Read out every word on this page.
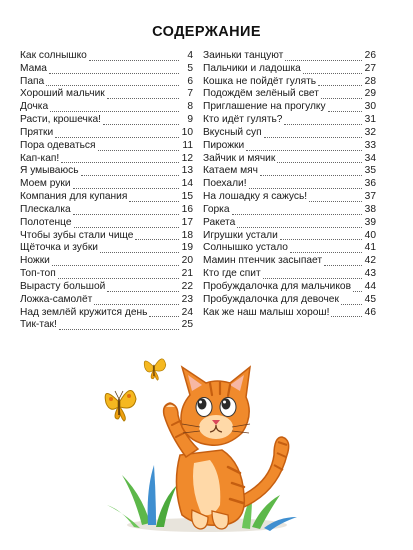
СОДЕРЖАНИЕ
Как солнышко	4
Мама	5
Папа	6
Хороший мальчик	7
Дочка	8
Расти, крошечка!	9
Прятки	10
Пора одеваться	11
Кап-кап!	12
Я умываюсь	13
Моем руки	14
Компания для купания	15
Плескалка	16
Полотенце	17
Чтобы зубы стали чище	18
Щёточка и зубки	19
Ножки	20
Топ-топ	21
Вырасту большой	22
Ложка-самолёт	23
Над землёй кружится день	24
Тик-так!	25
Заиньки танцуют	26
Пальчики и ладошка	27
Кошка не пойдёт гулять	28
Подождём зелёный свет	29
Приглашение на прогулку	30
Кто идёт гулять?	31
Вкусный суп	32
Пирожки	33
Зайчик и мячик	34
Катаем мяч	35
Поехали!	36
На лошадку я сажусь!	37
Горка	38
Ракета	39
Игрушки устали	40
Солнышко устало	41
Мамин птенчик засыпает	42
Кто где спит	43
Пробуждалочка для мальчиков 44
Пробуждалочка для девочек	45
Как же наш малыш хорош!	46
